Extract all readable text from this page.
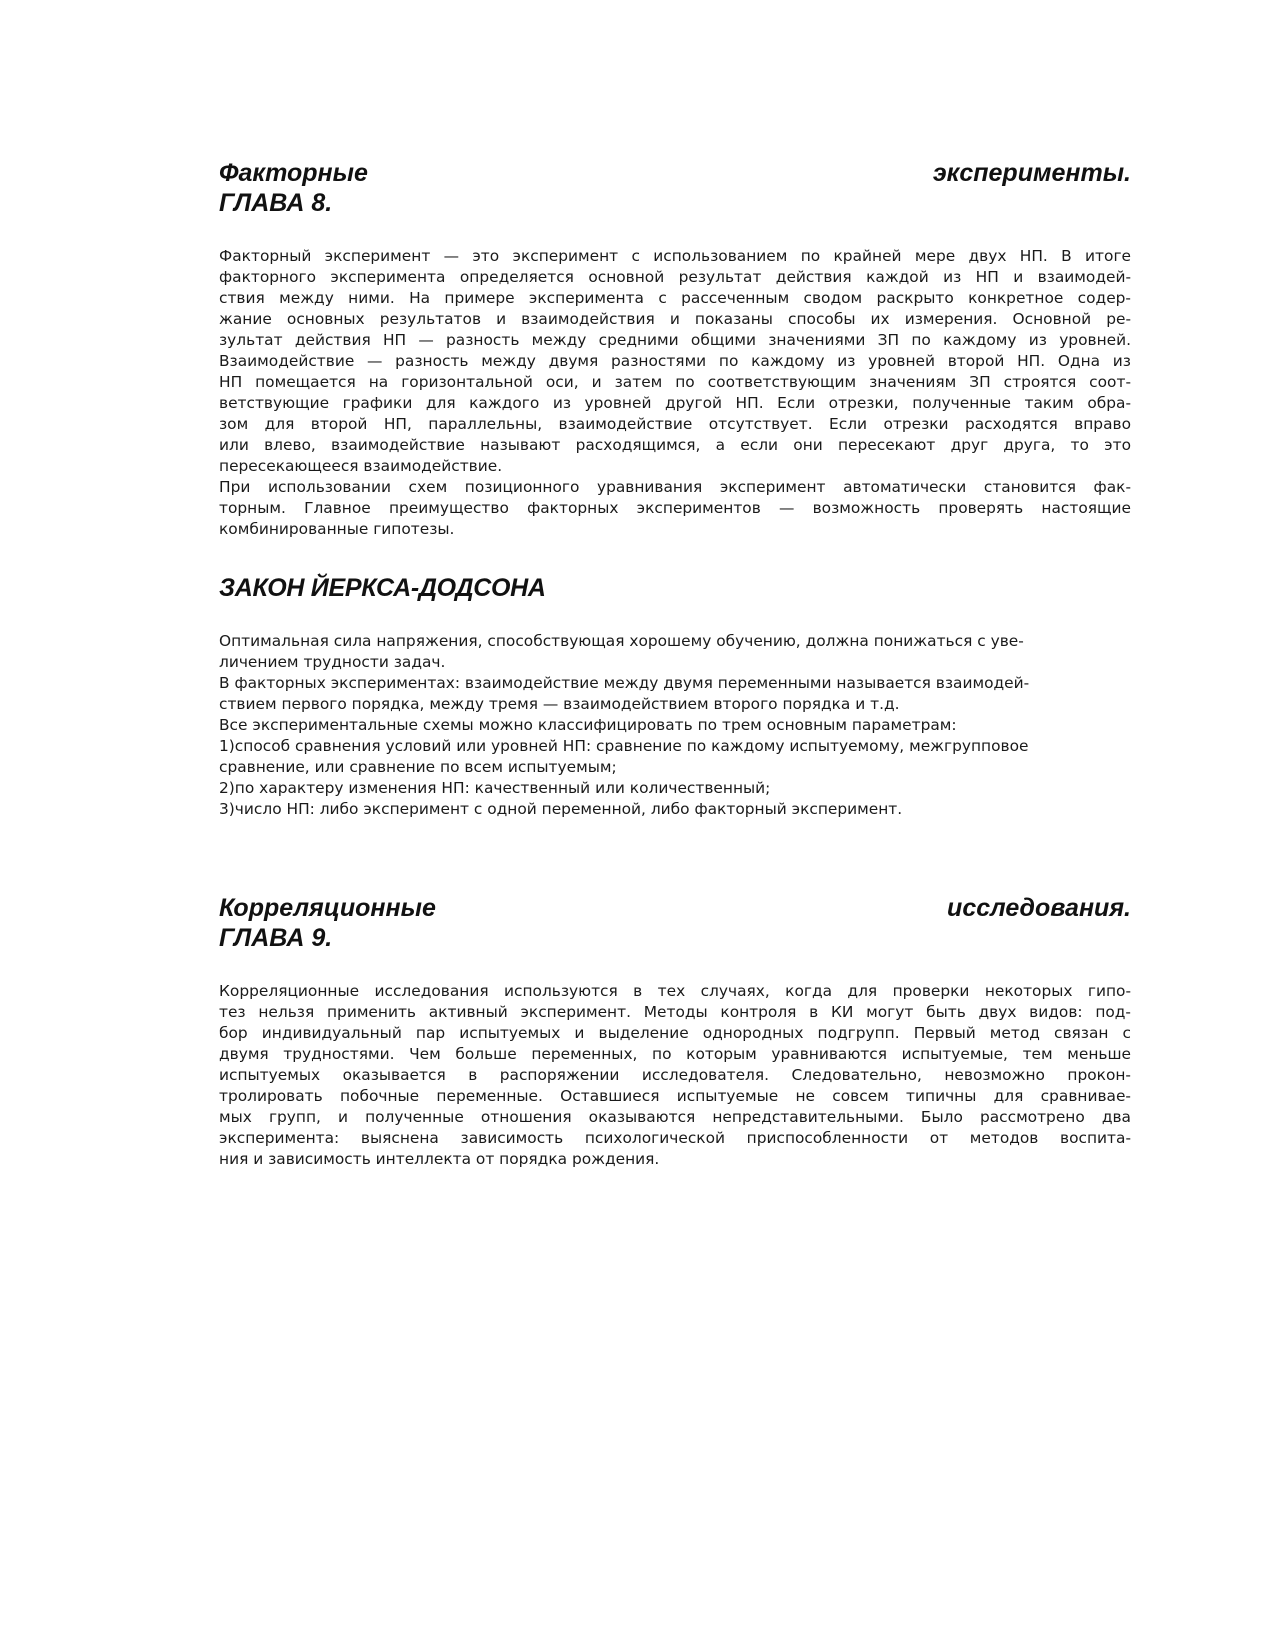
Факторные	эксперименты.
ГЛАВА 8.
Факторный эксперимент — это эксперимент с использованием по крайней мере двух НП. В итоге
факторного эксперимента определяется основной результат действия каждой из НП и взаимодей-
ствия между ними. На примере эксперимента с рассеченным сводом раскрыто конкретное содер-
жание основных результатов и взаимодействия и показаны способы их измерения. Основной ре-
зультат действия НП — разность между средними общими значениями ЗП по каждому из уровней.
Взаимодействие — разность между двумя разностями по каждому из уровней второй НП. Одна из
НП помещается на горизонтальной оси, и затем по соответствующим значениям ЗП строятся соот-
ветствующие графики для каждого из уровней другой НП. Если отрезки, полученные таким обра-
зом для второй НП, параллельны, взаимодействие отсутствует. Если отрезки расходятся вправо
или влево, взаимодействие называют расходящимся, а если они пересекают друг друга, то это
пересекающееся взаимодействие.
При использовании схем позиционного уравнивания эксперимент автоматически становится фак-
торным. Главное преимущество факторных экспериментов — возможность проверять настоящие
комбинированные гипотезы.
ЗАКОН ЙЕРКСА-ДОДСОНА
Оптимальная сила напряжения, способствующая хорошему обучению, должна понижаться с уве-
личением трудности задач.
В факторных экспериментах: взаимодействие между двумя переменными называется взаимодей-
ствием первого порядка, между тремя — взаимодействием второго порядка и т.д.
Все экспериментальные схемы можно классифицировать по трем основным параметрам:
1)способ сравнения условий или уровней НП: сравнение по каждому испытуемому, межгрупповое
сравнение, или сравнение по всем испытуемым;
2)по характеру изменения НП: качественный или количественный;
3)число НП: либо эксперимент с одной переменной, либо факторный эксперимент.
Корреляционные	исследования.
ГЛАВА 9.
Корреляционные исследования используются в тех случаях, когда для проверки некоторых гипо-
тез нельзя применить активный эксперимент. Методы контроля в КИ могут быть двух видов: под-
бор индивидуальный пар испытуемых и выделение однородных подгрупп. Первый метод связан с
двумя трудностями. Чем больше переменных, по которым уравниваются испытуемые, тем меньше
испытуемых оказывается в распоряжении исследователя. Следовательно, невозможно прокон-
тролировать побочные переменные. Оставшиеся испытуемые не совсем типичны для сравнивае-
мых групп, и полученные отношения оказываются непредставительными. Было рассмотрено два
эксперимента: выяснена зависимость психологической приспособленности от методов воспита-
ния и зависимость интеллекта от порядка рождения.
